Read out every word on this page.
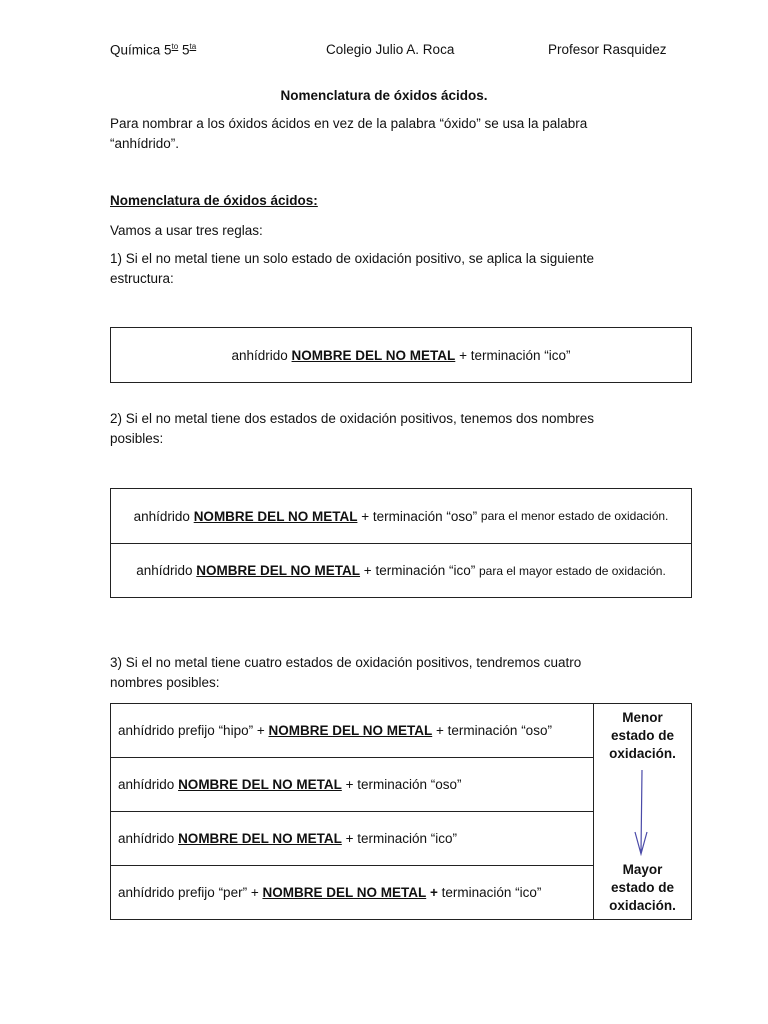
Química $5^{to}$ $5^{ta}$	Colegio Julio A. Roca	Profesor Rasquidez
Nomenclatura de óxidos ácidos.
Para nombrar a los óxidos ácidos en vez de la palabra “óxido” se usa la palabra
“anhídrido”.
Nomenclatura de óxidos ácidos:
Vamos a usar tres reglas:
1) Si el no metal tiene un solo estado de oxidación positivo, se aplica la siguiente
estructura:
anhídrido
NOMBRE DEL NO METAL
+
terminación “ico”
2) Si el no metal tiene dos estados de oxidación positivos, tenemos dos nombres
posibles:
anhídrido
NOMBRE DEL NO METAL
+
terminación “oso”
para el menor estado de oxidación.
anhídrido
NOMBRE DEL NO METAL
+
terminación “ico”
para el mayor estado de oxidación.
3) Si el no metal tiene cuatro estados de oxidación positivos, tendremos cuatro
nombres posibles:
anhídrido prefijo “hipo” +
NOMBRE DEL NO METAL
+
terminación “oso”
anhídrido
NOMBRE DEL NO METAL
+
terminación “oso”
anhídrido
NOMBRE DEL NO METAL
+
terminación “ico”
anhídrido prefijo “per” +
NOMBRE DEL NO METAL
+
terminación “ico”
Menor estado de oxidación.
Mayor estado de oxidación.
